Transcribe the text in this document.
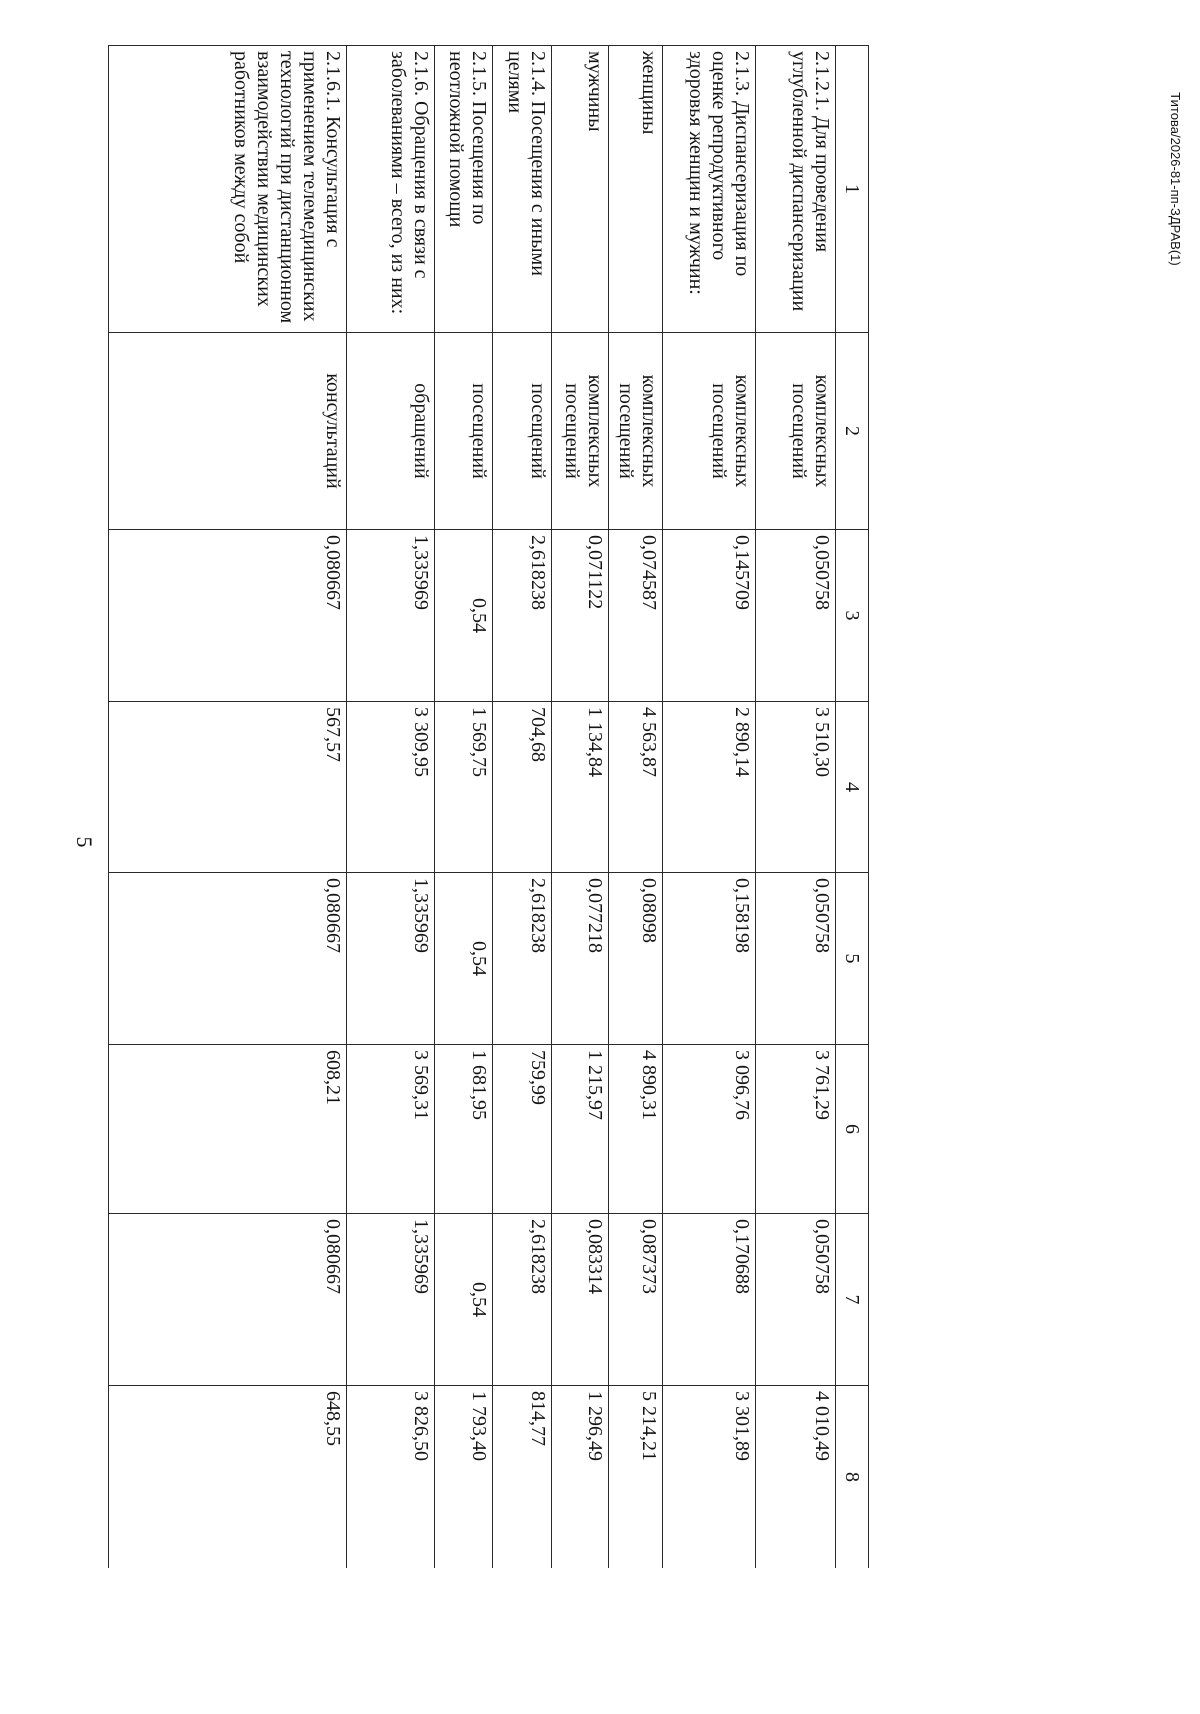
5
Титова/2026-81-пп-ЗДРАВ(1)
1	2	3	4	5	6	7	8
2.1.2.1. Для проведения углубленной диспансеризации	комплексных посещений	0,050758	3 510,30	0,050758	3 761,29	0,050758	4 010,49
2.1.3. Диспансеризация по оценке репродуктивного здоровья женщин и мужчин:	комплексных посещений	0,145709	2 890,14	0,158198	3 096,76	0,170688	3 301,89
женщины	комплексных посещений	0,074587	4 563,87	0,08098	4 890,31	0,087373	5 214,21
мужчины	комплексных посещений	0,071122	1 134,84	0,077218	1 215,97	0,083314	1 296,49
2.1.4. Посещения с иными целями	посещений	2,618238	704,68	2,618238	759,99	2,618238	814,77
2.1.5. Посещения по неотложной помощи	посещений	0,54	1 569,75	0,54	1 681,95	0,54	1 793,40
2.1.6. Обращения в связи с заболеваниями – всего, из них:	обращений	1,335969	3 309,95	1,335969	3 569,31	1,335969	3 826,50
2.1.6.1. Консультация с применением телемедицинских технологий при дистанционном взаимодействии медицинских работников между собой	консультаций	0,080667	567,57	0,080667	608,21	0,080667	648,55
